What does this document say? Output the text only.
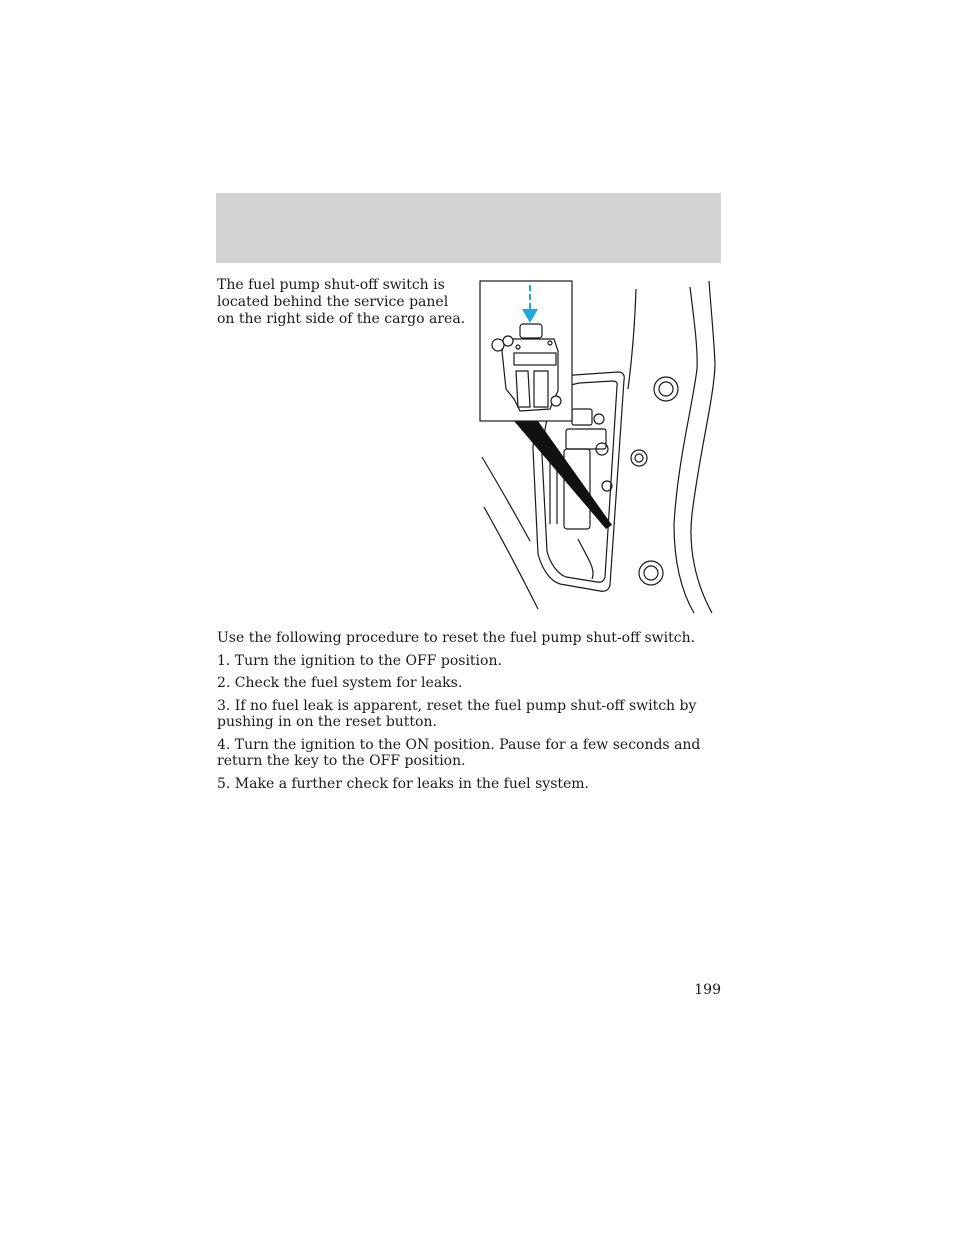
The fuel pump shut-off switch is located behind the service panel on the right side of the cargo area.

Use the following procedure to reset the fuel pump shut-off switch.

1. Turn the ignition to the OFF position.

2. Check the fuel system for leaks.

3. If no fuel leak is apparent, reset the fuel pump shut-off switch by pushing in on the reset button.

4. Turn the ignition to the ON position. Pause for a few seconds and return the key to the OFF position.

5. Make a further check for leaks in the fuel system.

199
